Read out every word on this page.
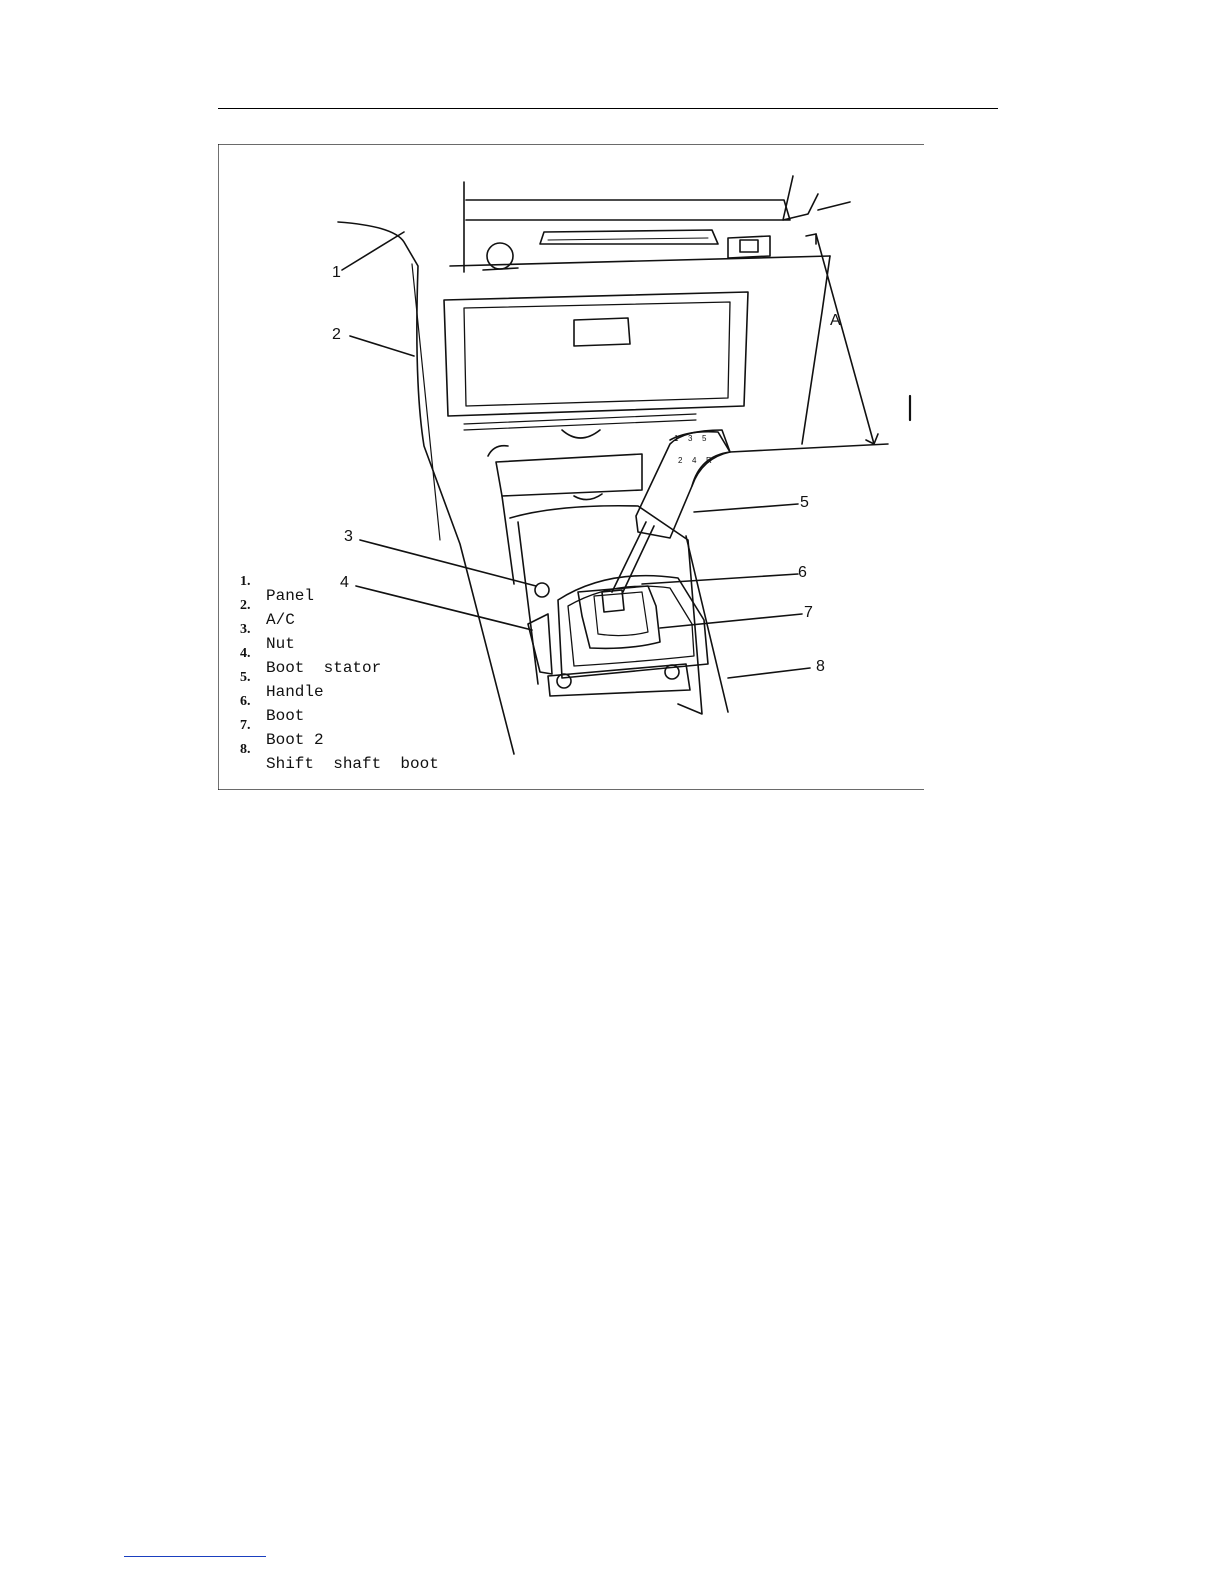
1 3 5
2 4 R
1
2
3
4
5
6
7
8
A
1.
Panel
2.
A/C
3.
Nut
4.
Boot  stator
5.
Handle
6.
Boot
7.
Boot 2
8.
Shift  shaft  boot
